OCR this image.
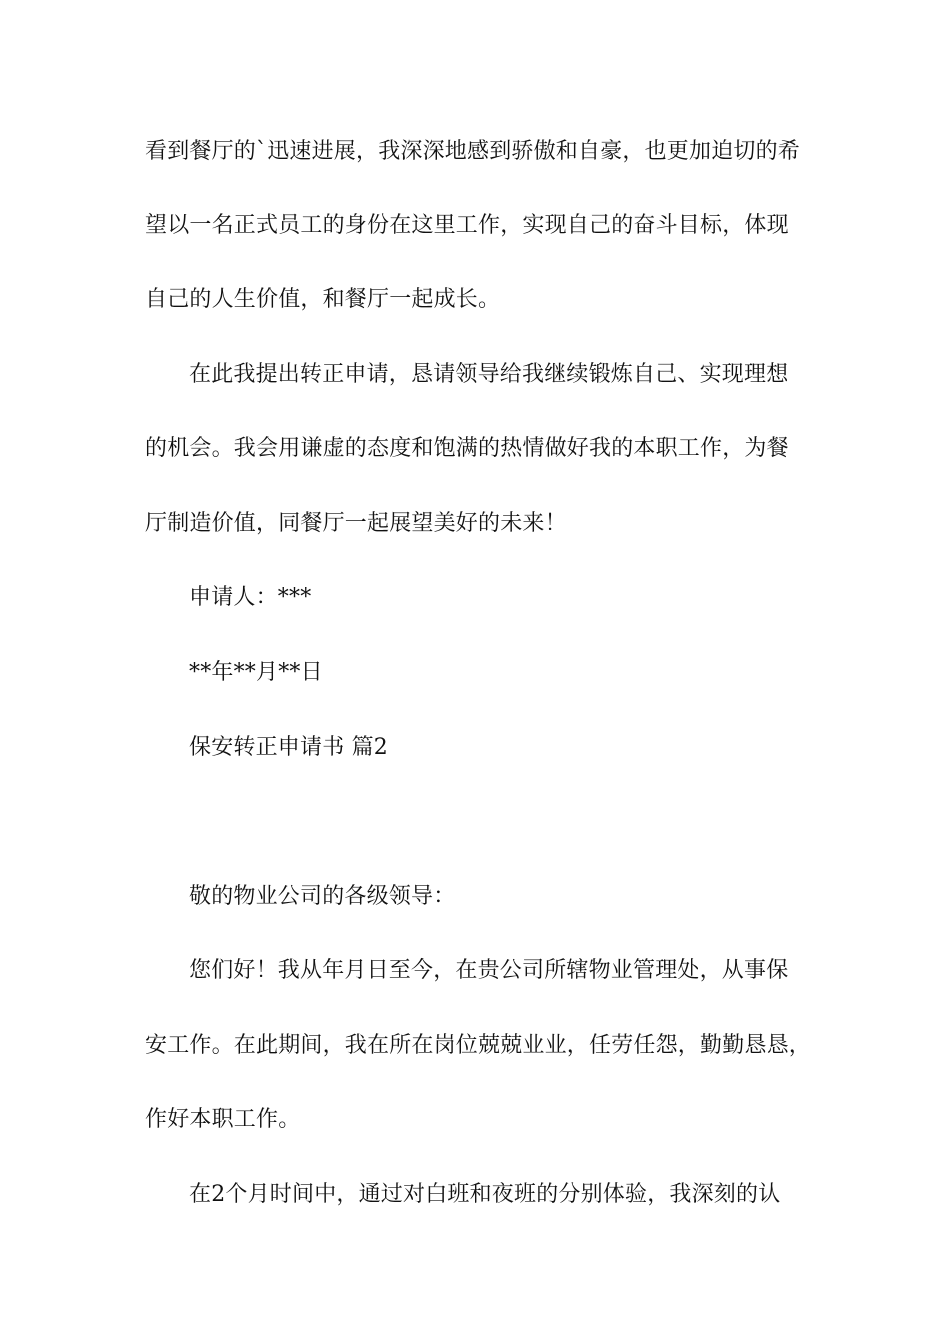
看到餐厅的`迅速进展，我深深地感到骄傲和自豪，也更加迫切的希
望以一名正式员工的身份在这里工作，实现自己的奋斗目标，体现
自己的人生价值，和餐厅一起成长。
在此我提出转正申请，恳请领导给我继续锻炼自己、实现理想
的机会。我会用谦虚的态度和饱满的热情做好我的本职工作，为餐
厅制造价值，同餐厅一起展望美好的未来！
申请人：***
**年**月**日
保安转正申请书 篇2
敬的物业公司的各级领导：
您们好！我从年月日至今，在贵公司所辖物业管理处，从事保
安工作。在此期间，我在所在岗位兢兢业业，任劳任怨，勤勤恳恳，
作好本职工作。
在2个月时间中，通过对白班和夜班的分别体验，我深刻的认
